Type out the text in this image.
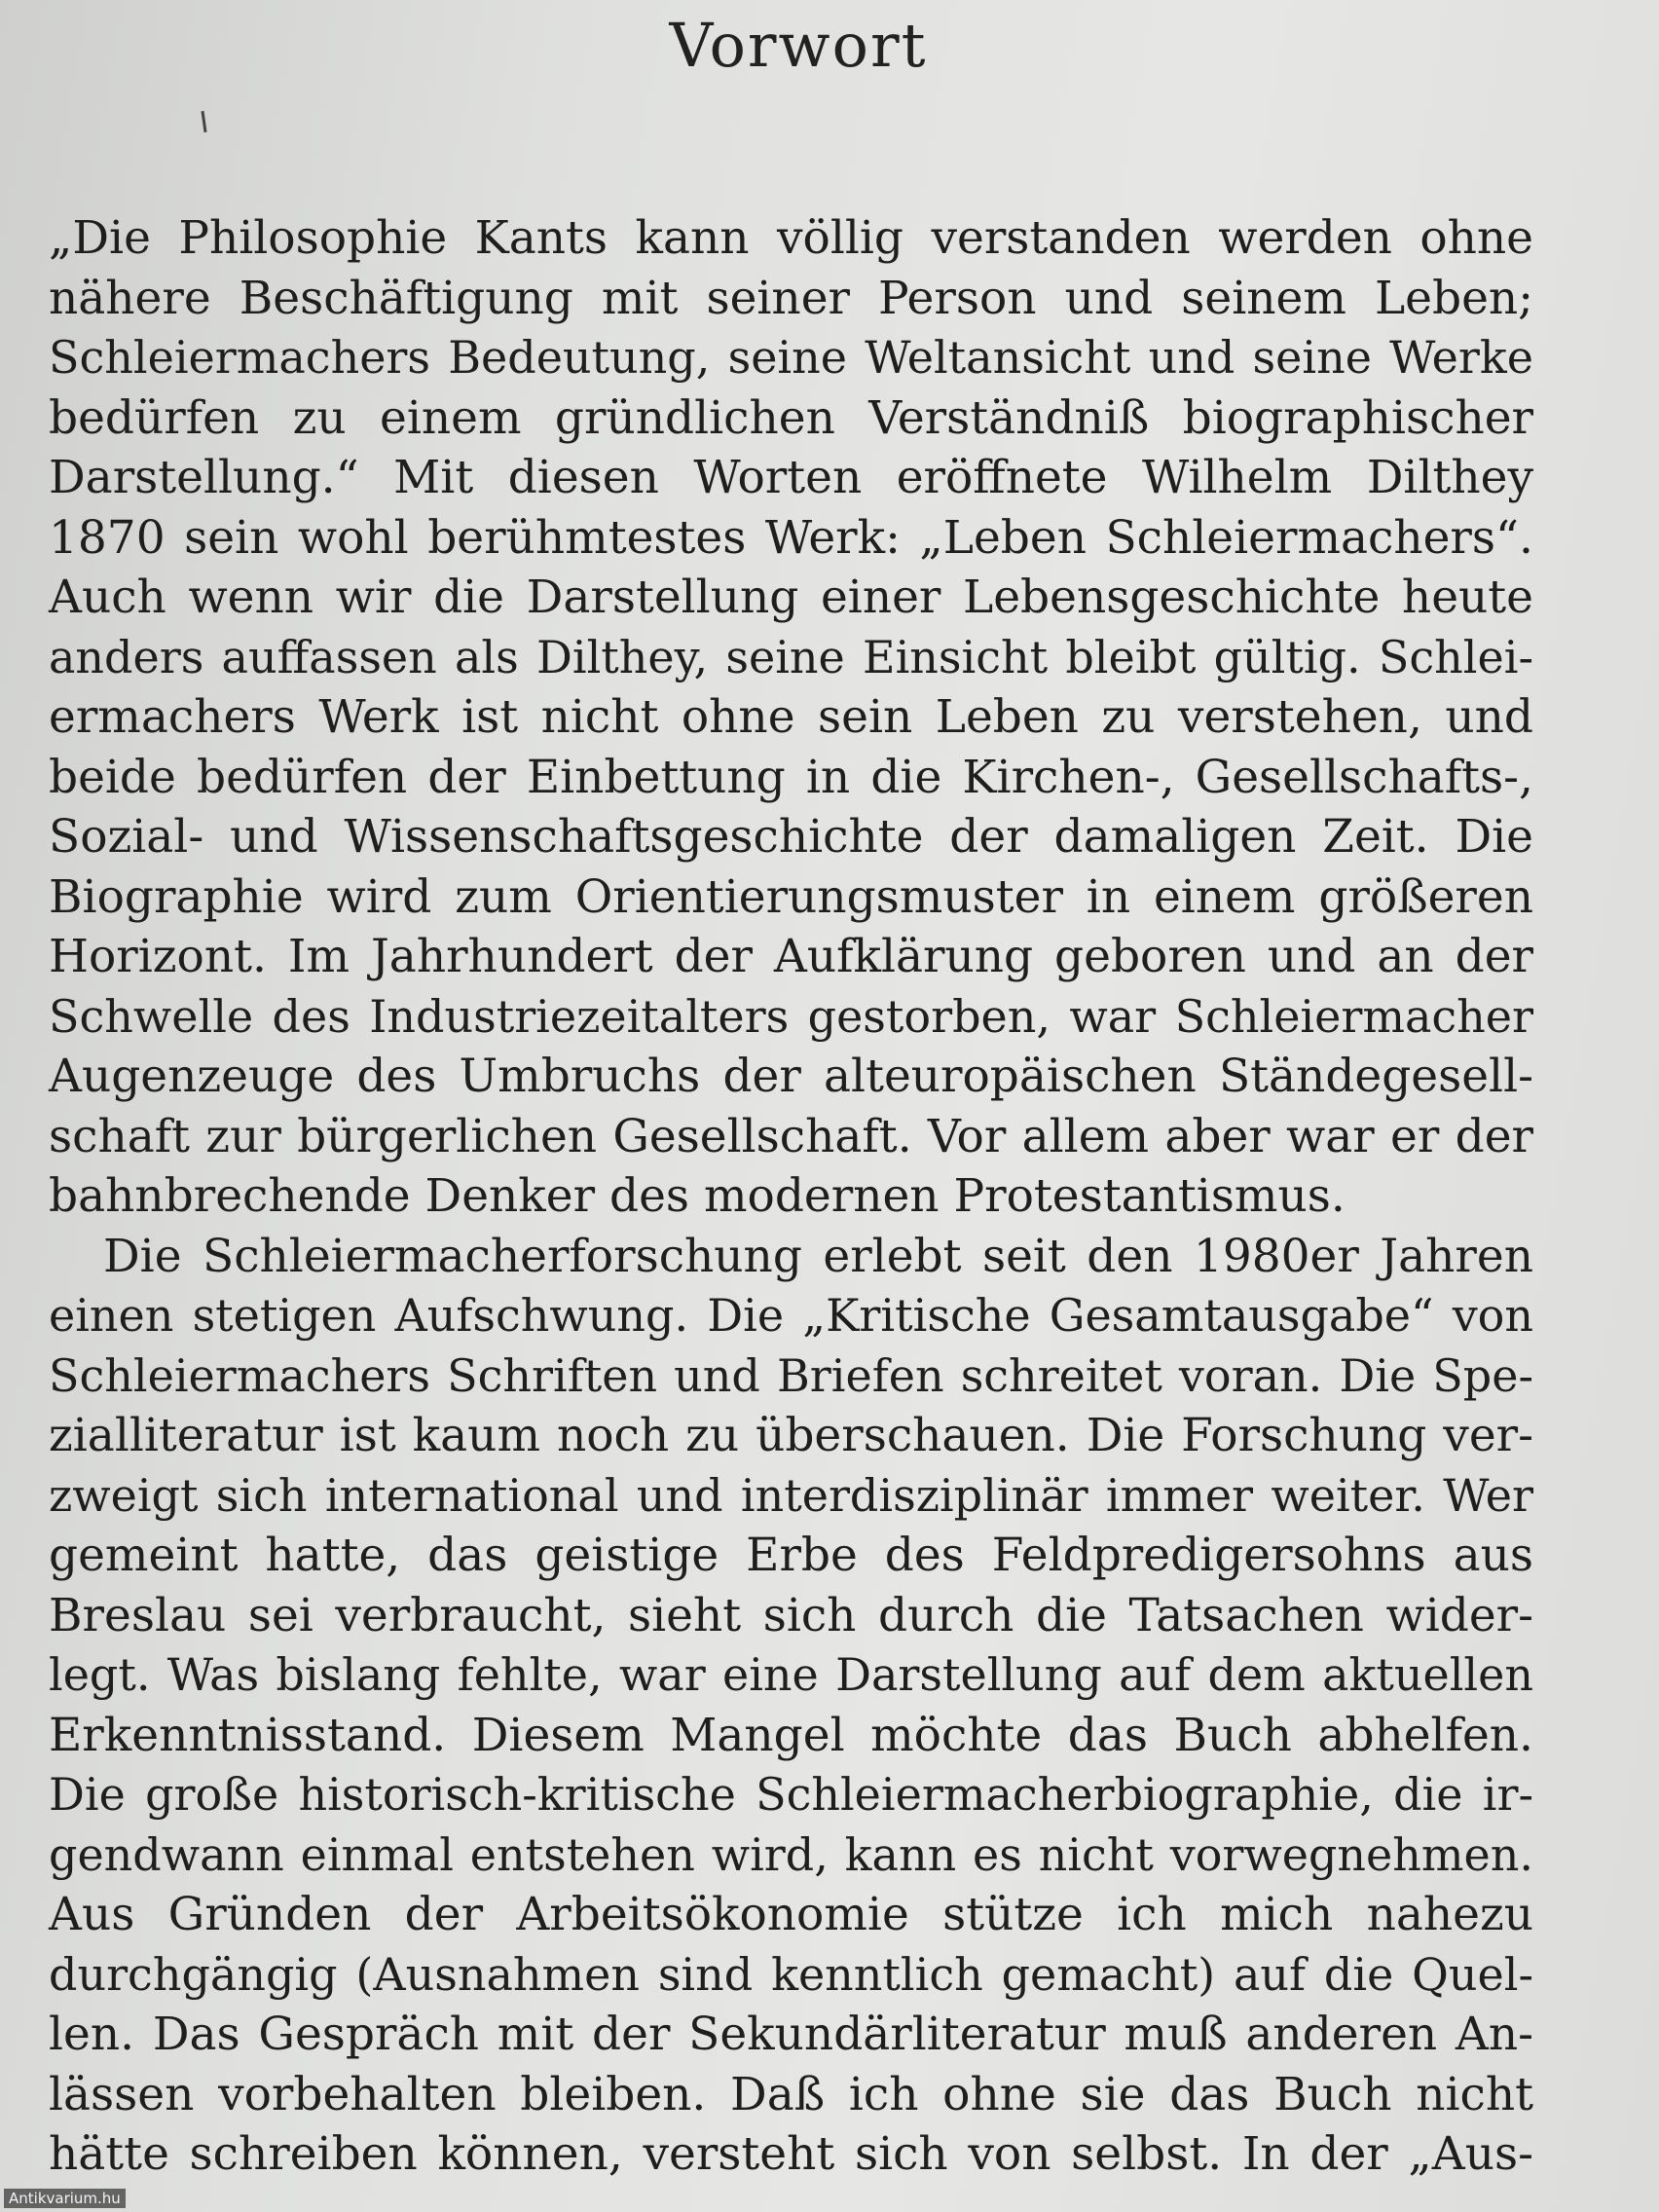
Vorwort
„Die Philosophie Kants kann völlig verstanden werden ohne
nähere Beschäftigung mit seiner Person und seinem Leben;
Schleiermachers Bedeutung, seine Weltansicht und seine Werke
bedürfen zu einem gründlichen Verständniß biographischer
Darstellung.“ Mit diesen Worten eröffnete Wilhelm Dilthey
1870 sein wohl berühmtestes Werk: „Leben Schleiermachers“.
Auch wenn wir die Darstellung einer Lebensgeschichte heute
anders auffassen als Dilthey, seine Einsicht bleibt gültig. Schlei-
ermachers Werk ist nicht ohne sein Leben zu verstehen, und
beide bedürfen der Einbettung in die Kirchen-, Gesellschafts-,
Sozial- und Wissenschaftsgeschichte der damaligen Zeit. Die
Biographie wird zum Orientierungsmuster in einem größeren
Horizont. Im Jahrhundert der Aufklärung geboren und an der
Schwelle des Industriezeitalters gestorben, war Schleiermacher
Augenzeuge des Umbruchs der alteuropäischen Ständegesell-
schaft zur bürgerlichen Gesellschaft. Vor allem aber war er der
bahnbrechende Denker des modernen Protestantismus.
Die Schleiermacherforschung erlebt seit den 1980er Jahren
einen stetigen Aufschwung. Die „Kritische Gesamtausgabe“ von
Schleiermachers Schriften und Briefen schreitet voran. Die Spe-
zialliteratur ist kaum noch zu überschauen. Die Forschung ver-
zweigt sich international und interdisziplinär immer weiter. Wer
gemeint hatte, das geistige Erbe des Feldpredigersohns aus
Breslau sei verbraucht, sieht sich durch die Tatsachen wider-
legt. Was bislang fehlte, war eine Darstellung auf dem aktuellen
Erkenntnisstand. Diesem Mangel möchte das Buch abhelfen.
Die große historisch-kritische Schleiermacherbiographie, die ir-
gendwann einmal entstehen wird, kann es nicht vorwegnehmen.
Aus Gründen der Arbeitsökonomie stütze ich mich nahezu
durchgängig (Ausnahmen sind kenntlich gemacht) auf die Quel-
len. Das Gespräch mit der Sekundärliteratur muß anderen An-
lässen vorbehalten bleiben. Daß ich ohne sie das Buch nicht
hätte schreiben können, versteht sich von selbst. In der „Aus-
Antikvarium.hu
